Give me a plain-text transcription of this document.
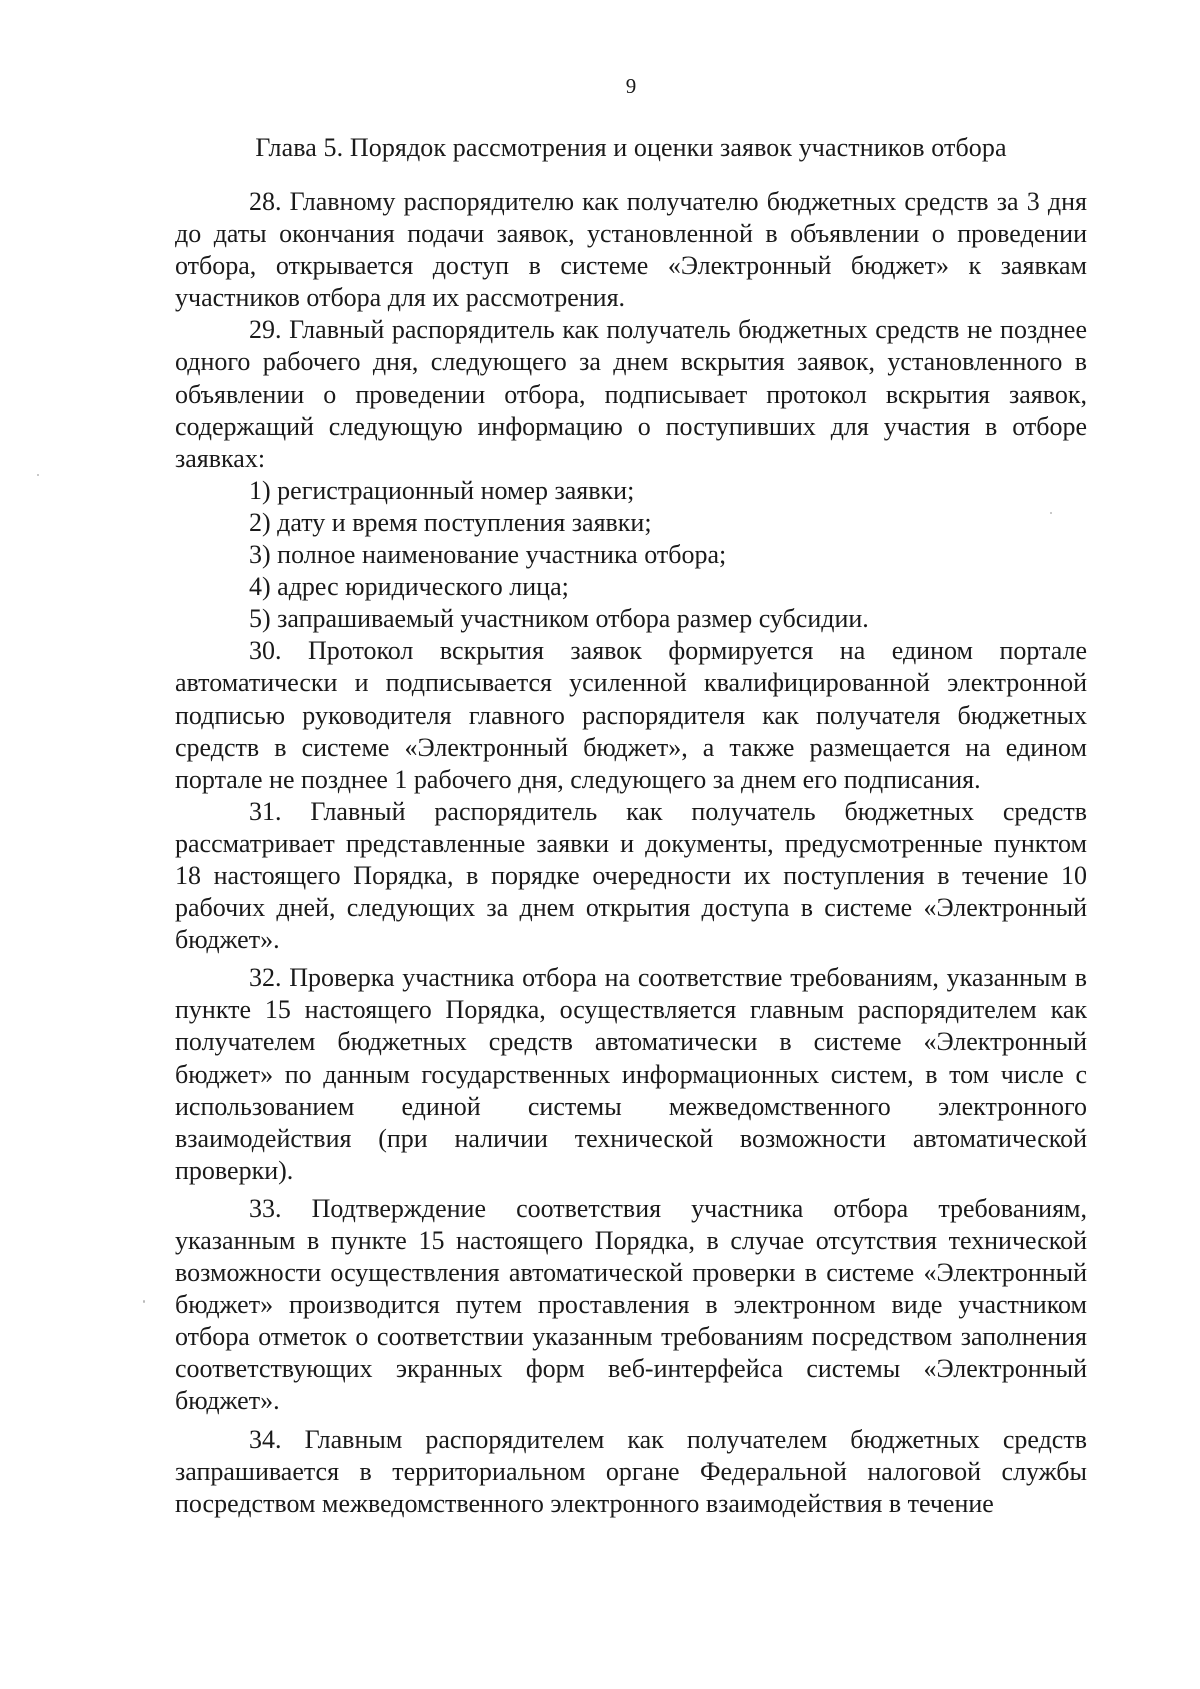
9
Глава 5. Порядок рассмотрения и оценки заявок участников отбора

28. Главному распорядителю как получателю бюджетных средств за 3 дня до даты окончания подачи заявок, установленной в объявлении о проведении отбора, открывается доступ в системе «Электронный бюджет» к заявкам участников отбора для их рассмотрения.

29. Главный распорядитель как получатель бюджетных средств не позднее одного рабочего дня, следующего за днем вскрытия заявок, установленного в объявлении о проведении отбора, подписывает протокол вскрытия заявок, содержащий следующую информацию о поступивших для участия в отборе заявках:

1) регистрационный номер заявки;

2) дату и время поступления заявки;

3) полное наименование участника отбора;

4) адрес юридического лица;

5) запрашиваемый участником отбора размер субсидии.

30. Протокол вскрытия заявок формируется на едином портале автоматически и подписывается усиленной квалифицированной электронной подписью руководителя главного распорядителя как получателя бюджетных средств в системе «Электронный бюджет», а также размещается на едином портале не позднее 1 рабочего дня, следующего за днем его подписания.

31. Главный распорядитель как получатель бюджетных средств рассматривает представленные заявки и документы, предусмотренные пунктом 18 настоящего Порядка, в порядке очередности их поступления в течение 10 рабочих дней, следующих за днем открытия доступа в системе «Электронный бюджет».

32. Проверка участника отбора на соответствие требованиям, указанным в пункте 15 настоящего Порядка, осуществляется главным распорядителем как получателем бюджетных средств автоматически в системе «Электронный бюджет» по данным государственных информационных систем, в том числе с использованием единой системы межведомственного электронного взаимодействия (при наличии технической возможности автоматической проверки).

33. Подтверждение соответствия участника отбора требованиям, указанным в пункте 15 настоящего Порядка, в случае отсутствия технической возможности осуществления автоматической проверки в системе «Электронный бюджет» производится путем проставления в электронном виде участником отбора отметок о соответствии указанным требованиям посредством заполнения соответствующих экранных форм веб-интерфейса системы «Электронный бюджет».

34. Главным распорядителем как получателем бюджетных средств запрашивается в территориальном органе Федеральной налоговой службы посредством межведомственного электронного взаимодействия в течение
